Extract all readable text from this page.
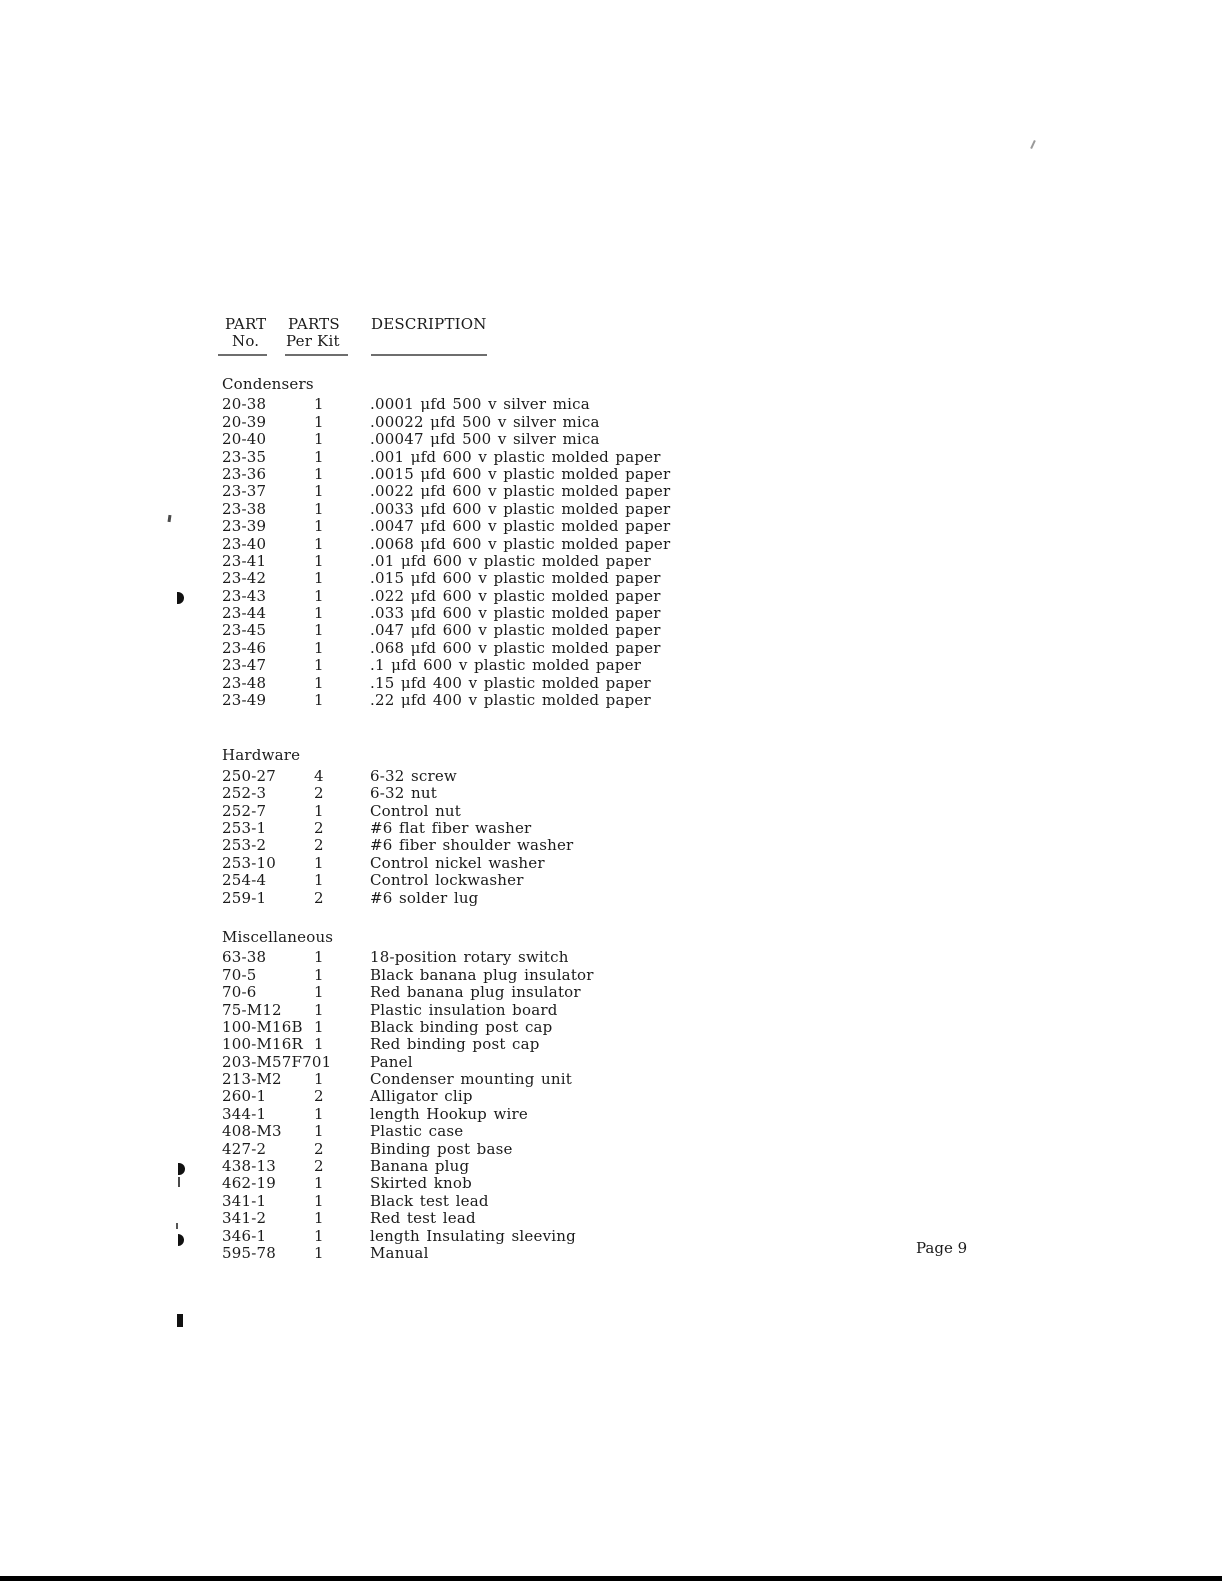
PART
No.
PARTS
Per Kit
DESCRIPTION
Condensers
20-38	1	.0001 μfd 500 v silver mica
20-39	1	.00022 μfd 500 v silver mica
20-40	1	.00047 μfd 500 v silver mica
23-35	1	.001 μfd 600 v plastic molded paper
23-36	1	.0015 μfd 600 v plastic molded paper
23-37	1	.0022 μfd 600 v plastic molded paper
23-38	1	.0033 μfd 600 v plastic molded paper
23-39	1	.0047 μfd 600 v plastic molded paper
23-40	1	.0068 μfd 600 v plastic molded paper
23-41	1	.01 μfd 600 v plastic molded paper
23-42	1	.015 μfd 600 v plastic molded paper
23-43	1	.022 μfd 600 v plastic molded paper
23-44	1	.033 μfd 600 v plastic molded paper
23-45	1	.047 μfd 600 v plastic molded paper
23-46	1	.068 μfd 600 v plastic molded paper
23-47	1	.1 μfd 600 v plastic molded paper
23-48	1	.15 μfd 400 v plastic molded paper
23-49	1	.22 μfd 400 v plastic molded paper
Hardware
250-27	4	6-32 screw
252-3	2	6-32 nut
252-7	1	Control nut
253-1	2	#6 flat fiber washer
253-2	2	#6 fiber shoulder washer
253-10	1	Control nickel washer
254-4	1	Control lockwasher
259-1	2	#6 solder lug
Miscellaneous
63-38	1	18-position rotary switch
70-5	1	Black banana plug insulator
70-6	1	Red banana plug insulator
75-M12 1	Plastic insulation board
100-M16B 1	Black binding post cap
100-M16R 1	Red binding post cap
203-M57F701	Panel
213-M2 1	Condenser mounting unit
260-1	2	Alligator clip
344-1	1	length Hookup wire
408-M3 1	Plastic case
427-2	2	Binding post base
438-13	2	Banana plug
462-19	1	Skirted knob
341-1	1	Black test lead
341-2	1	Red test lead
346-1	1	length Insulating sleeving
595-78	1	Manual	Page 9
